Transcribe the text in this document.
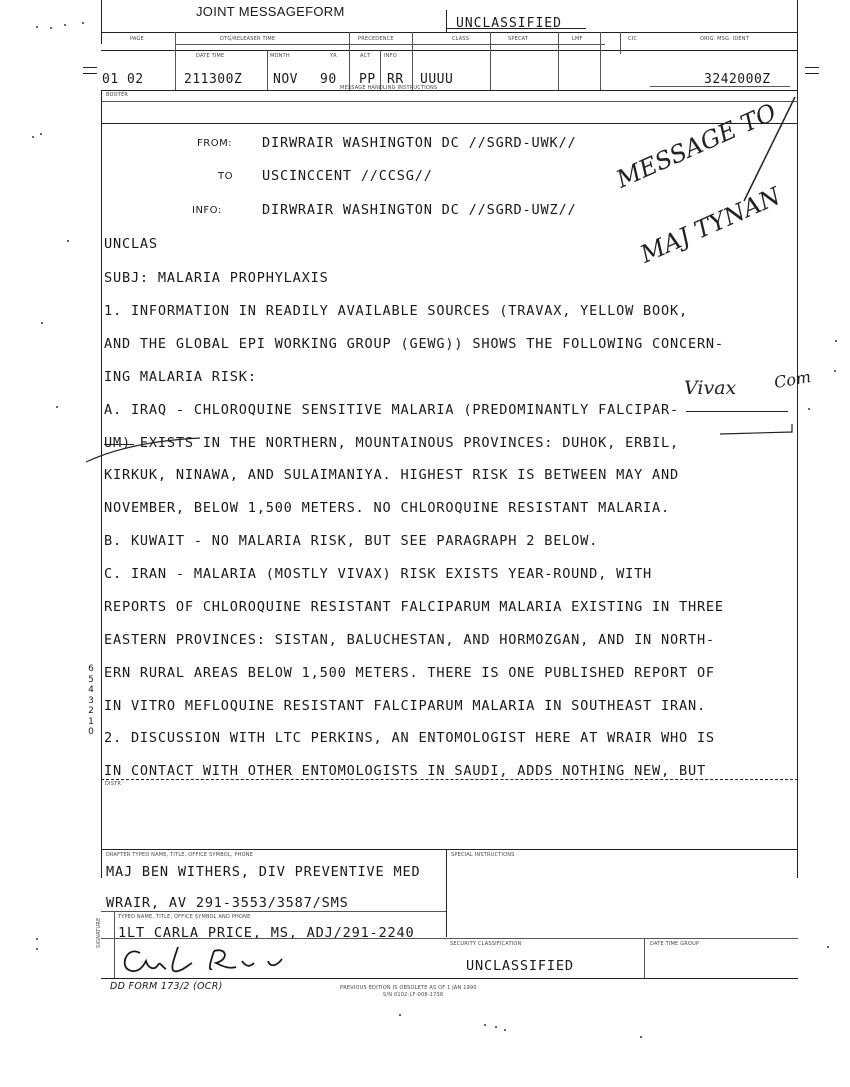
JOINT MESSAGEFORM
UNCLASSIFIED
PAGE	DTG/RELEASER TIME	PRECEDENCE	CLASS	SPECAT	LMF	CIC	ORIG. MSG. IDENT
DATE TIME	MONTH	YR	ACT	INFO
01 02	211300Z NOV 90 PP RR UUUU	3242000Z
BOOTER
MESSAGE HANDLING INSTRUCTIONS
FROM: DIRWRAIR WASHINGTON DC //SGRD-UWK//
TO USCINCCENT //CCSG//
INFO:	DIRWRAIR WASHINGTON DC //SGRD-UWZ//
MESSAGE TO
MAJ TYNAN
UNCLAS
SUBJ: MALARIA PROPHYLAXIS
1. INFORMATION IN READILY AVAILABLE SOURCES (TRAVAX, YELLOW BOOK,
AND THE GLOBAL EPI WORKING GROUP (GEWG)) SHOWS THE FOLLOWING CONCERN-
ING MALARIA RISK:
A. IRAQ - CHLOROQUINE SENSITIVE MALARIA (PREDOMINANTLY FALCIPAR-
UM) EXISTS IN THE NORTHERN, MOUNTAINOUS PROVINCES: DUHOK, ERBIL,
KIRKUK, NINAWA, AND SULAIMANIYA. HIGHEST RISK IS BETWEEN MAY AND
NOVEMBER, BELOW 1,500 METERS. NO CHLOROQUINE RESISTANT MALARIA.
B. KUWAIT - NO MALARIA RISK, BUT SEE PARAGRAPH 2 BELOW.
C. IRAN - MALARIA (MOSTLY VIVAX) RISK EXISTS YEAR-ROUND, WITH
REPORTS OF CHLOROQUINE RESISTANT FALCIPARUM MALARIA EXISTING IN THREE
EASTERN PROVINCES: SISTAN, BALUCHESTAN, AND HORMOZGAN, AND IN NORTH-
ERN RURAL AREAS BELOW 1,500 METERS. THERE IS ONE PUBLISHED REPORT OF
IN VITRO MEFLOQUINE RESISTANT FALCIPARUM MALARIA IN SOUTHEAST IRAN.
2. DISCUSSION WITH LTC PERKINS, AN ENTOMOLOGIST HERE AT WRAIR WHO IS
IN CONTACT WITH OTHER ENTOMOLOGISTS IN SAUDI, ADDS NOTHING NEW, BUT
Vivax Com
6
5
4
3
2
1
0
DISTR
DRAFTER TYPED NAME, TITLE, OFFICE SYMBOL, PHONE
MAJ BEN WITHERS, DIV PREVENTIVE MED
WRAIR, AV 291-3553/3587/SMS
TYPED NAME, TITLE, OFFICE SYMBOL AND PHONE
1LT CARLA PRICE, MS, ADJ/291-2240
SIGNATURE
SPECIAL INSTRUCTIONS
SECURITY CLASSIFICATION	DATE TIME GROUP
UNCLASSIFIED
DD FORM 173/2 (OCR)	PREVIOUS EDITION IS OBSOLETE AS OF 1 JAN 1990
S/N 0102-LF-008-1738
